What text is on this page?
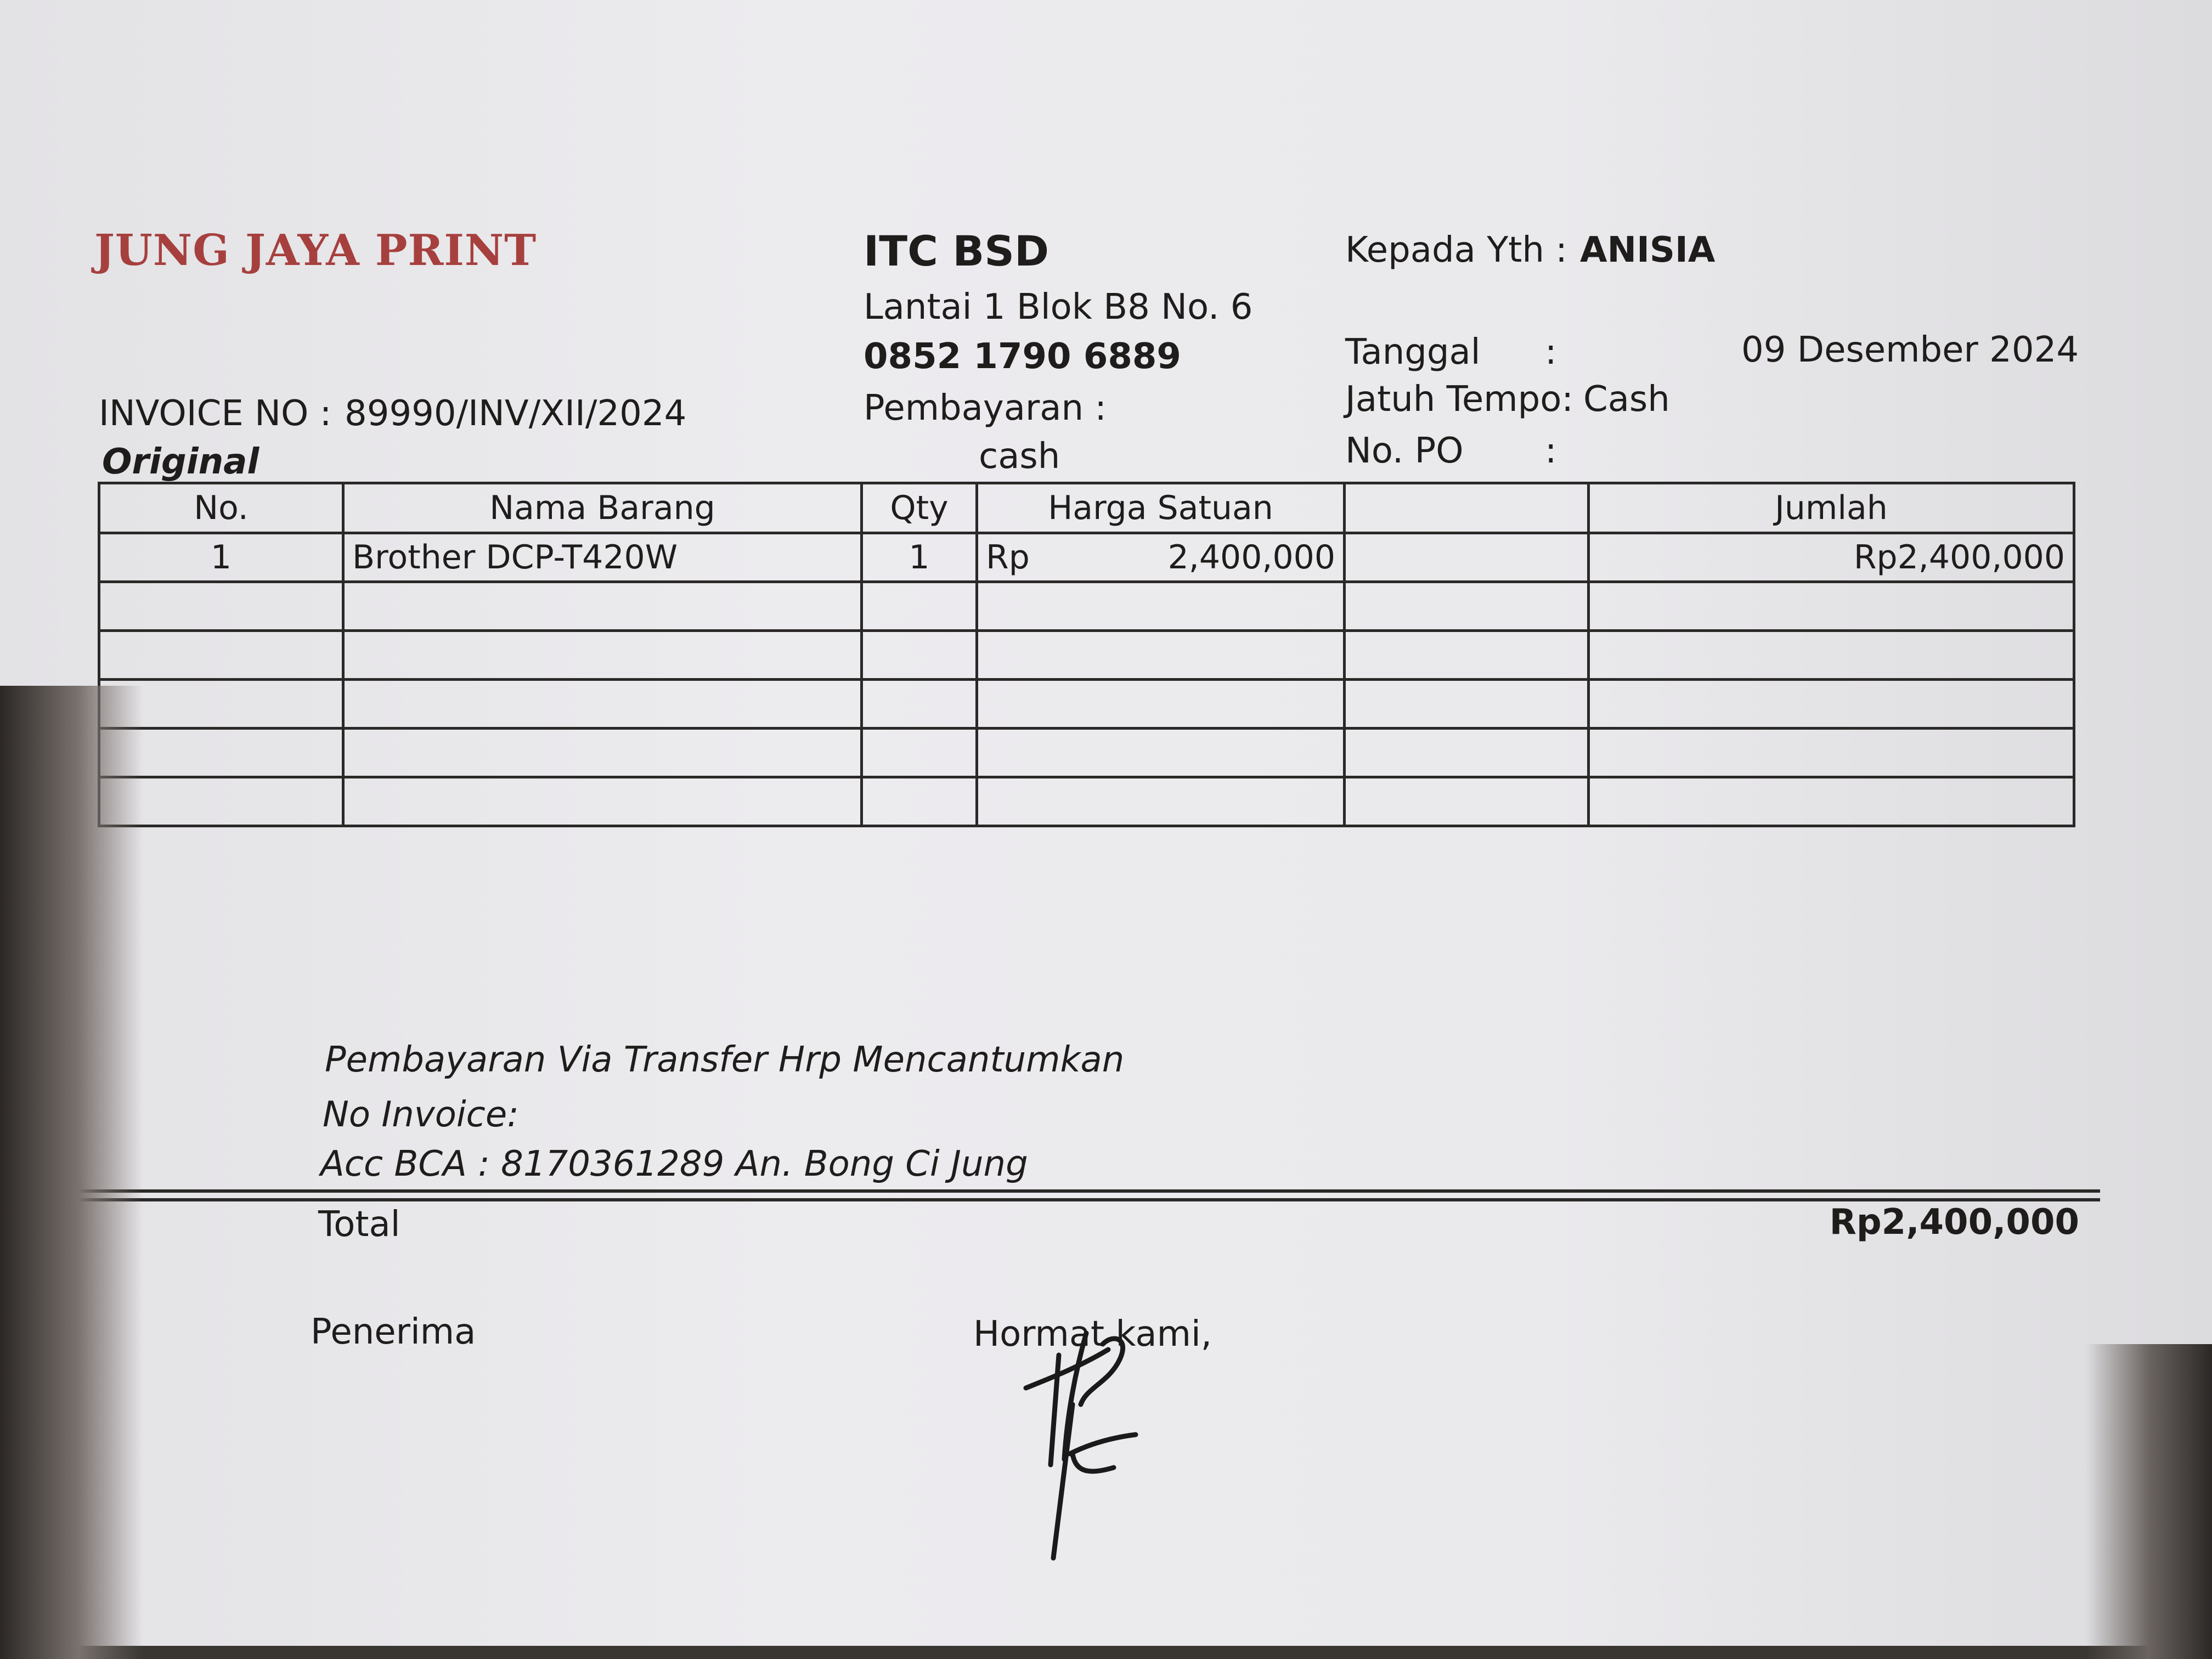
JUNG JAYA PRINT
INVOICE NO : 89990/INV/XII/2024
Original
ITC BSD
Lantai 1 Blok B8 No. 6
0852 1790 6889
Pembayaran :
cash
Kepada Yth : ANISIA
Tanggal :	09 Desember 2024
Jatuh Tempo: Cash
No. PO :
No.	Nama Barang	Qty	Harga Satuan		Jumlah
1	Brother DCP-T420W	1	Rp 2,400,000		Rp2,400,000

Pembayaran Via Transfer Hrp Mencantumkan
No Invoice:
Acc BCA : 8170361289 An. Bong Ci Jung
Total	Rp2,400,000
Penerima	Hormat kami,
